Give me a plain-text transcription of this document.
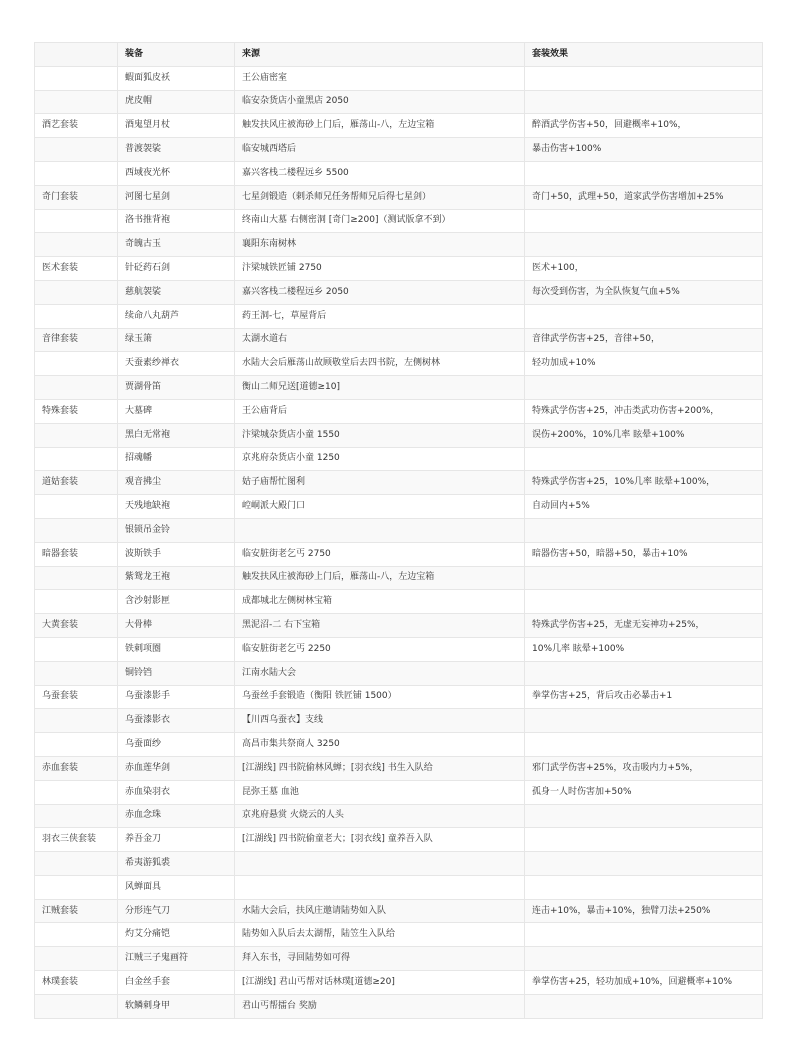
	装备	来源	套装效果
	蝦面狐皮袄	王公庙密室	
	虎皮帽	临安杂货店小童黑店 2050	
酒艺套装	酒鬼望月杖	触发扶风庄被海砂上门后，雁荡山-八，左边宝箱	醉酒武学伤害+50，回避概率+10%，
	普渡袈裟	临安城西塔后	暴击伤害+100%
	西域夜光杯	嘉兴客栈二楼程远乡 5500	
奇门套装	河图七星剑	七星剑锻造（剌杀师兄任务帮师兄后得七星剑）	奇门+50，武理+50，道家武学伤害增加+25%
	洛书推背袍	终南山大墓 右侧密洞 [奇门≥200]（测试版拿不到）	
	奇魄古玉	襄阳东南树林	
医术套装	针砭药石剑	汴梁城铁匠铺 2750	医术+100，
	慈航袈裟	嘉兴客栈二楼程远乡 2050	每次受到伤害，为全队恢复气血+5%
	续命八丸葫芦	药王洞-七，草屋背后	
音律套装	绿玉箫	太湖水道右	音律武学伤害+25，音律+50，
	天蚕素纱禅衣	水陆大会后雁荡山故顾敬堂后去四书院，左侧树林	轻功加成+10%
	贾湖骨笛	衡山二师兄送[道德≥10]	
特殊套装	大墓碑	王公庙背后	特殊武学伤害+25，冲击类武功伤害+200%，
	黑白无常袍	汴梁城杂货店小童 1550	误伤+200%，10%几率 眩晕+100%
	招魂幡	京兆府杂货店小童 1250	
道姑套装	观音拂尘	姑子庙帮忙图利	特殊武学伤害+25，10%几率 眩晕+100%，
	天残地缺袍	崆峒派大殿门口	自动回内+5%
	银锁吊金铃		
暗器套装	波斯铁手	临安脏街老乞丐 2750	暗器伤害+50，暗器+50，暴击+10%
	紫鸳龙王袍	触发扶风庄被海砂上门后，雁荡山-八，左边宝箱	
	含沙射影匣	成都城北左侧树林宝箱	
大黄套装	大骨棒	黑泥沼-二 右下宝箱	特殊武学伤害+25，无虚无妄神功+25%，
	铁刺项圈	临安脏街老乞丐 2250	10%几率 眩晕+100%
	铜铃铛	江南水陆大会	
乌蚕套装	乌蚕漆影手	乌蚕丝手套锻造（衡阳 铁匠铺 1500）	拳掌伤害+25，背后攻击必暴击+1
	乌蚕漆影衣	【川西乌蚕衣】支线	
	乌蚕面纱	高昌市集共祭商人 3250	
赤血套装	赤血莲华剑	[江湖线] 四书院偷林风蝉；[羽衣线] 书生入队给	邪门武学伤害+25%，攻击吸内力+5%，
	赤血染羽衣	昆弥王墓 血池	孤身一人时伤害加+50%
	赤血念珠	京兆府悬赏 火烧云的人头	
羽衣三侠套装	养吾金刀	[江湖线] 四书院偷童老大；[羽衣线] 童养吾入队	
	希夷游狐裘		
	风蝉面具		
江贼套装	分形连气刀	水陆大会后，扶风庄邀请陆势如入队	连击+10%，暴击+10%，独臂刀法+250%
	灼艾分痛铠	陆势如入队后去太湖帮，陆笠生入队给	
	江贼三子鬼画符	拜入东书，寻回陆势如可得	
林璞套装	白金丝手套	[江湖线] 君山丐帮对话林璞[道德≥20]	拳掌伤害+25，轻功加成+10%，回避概率+10%
	软鳞刺身甲	君山丐帮擂台 奖励	
